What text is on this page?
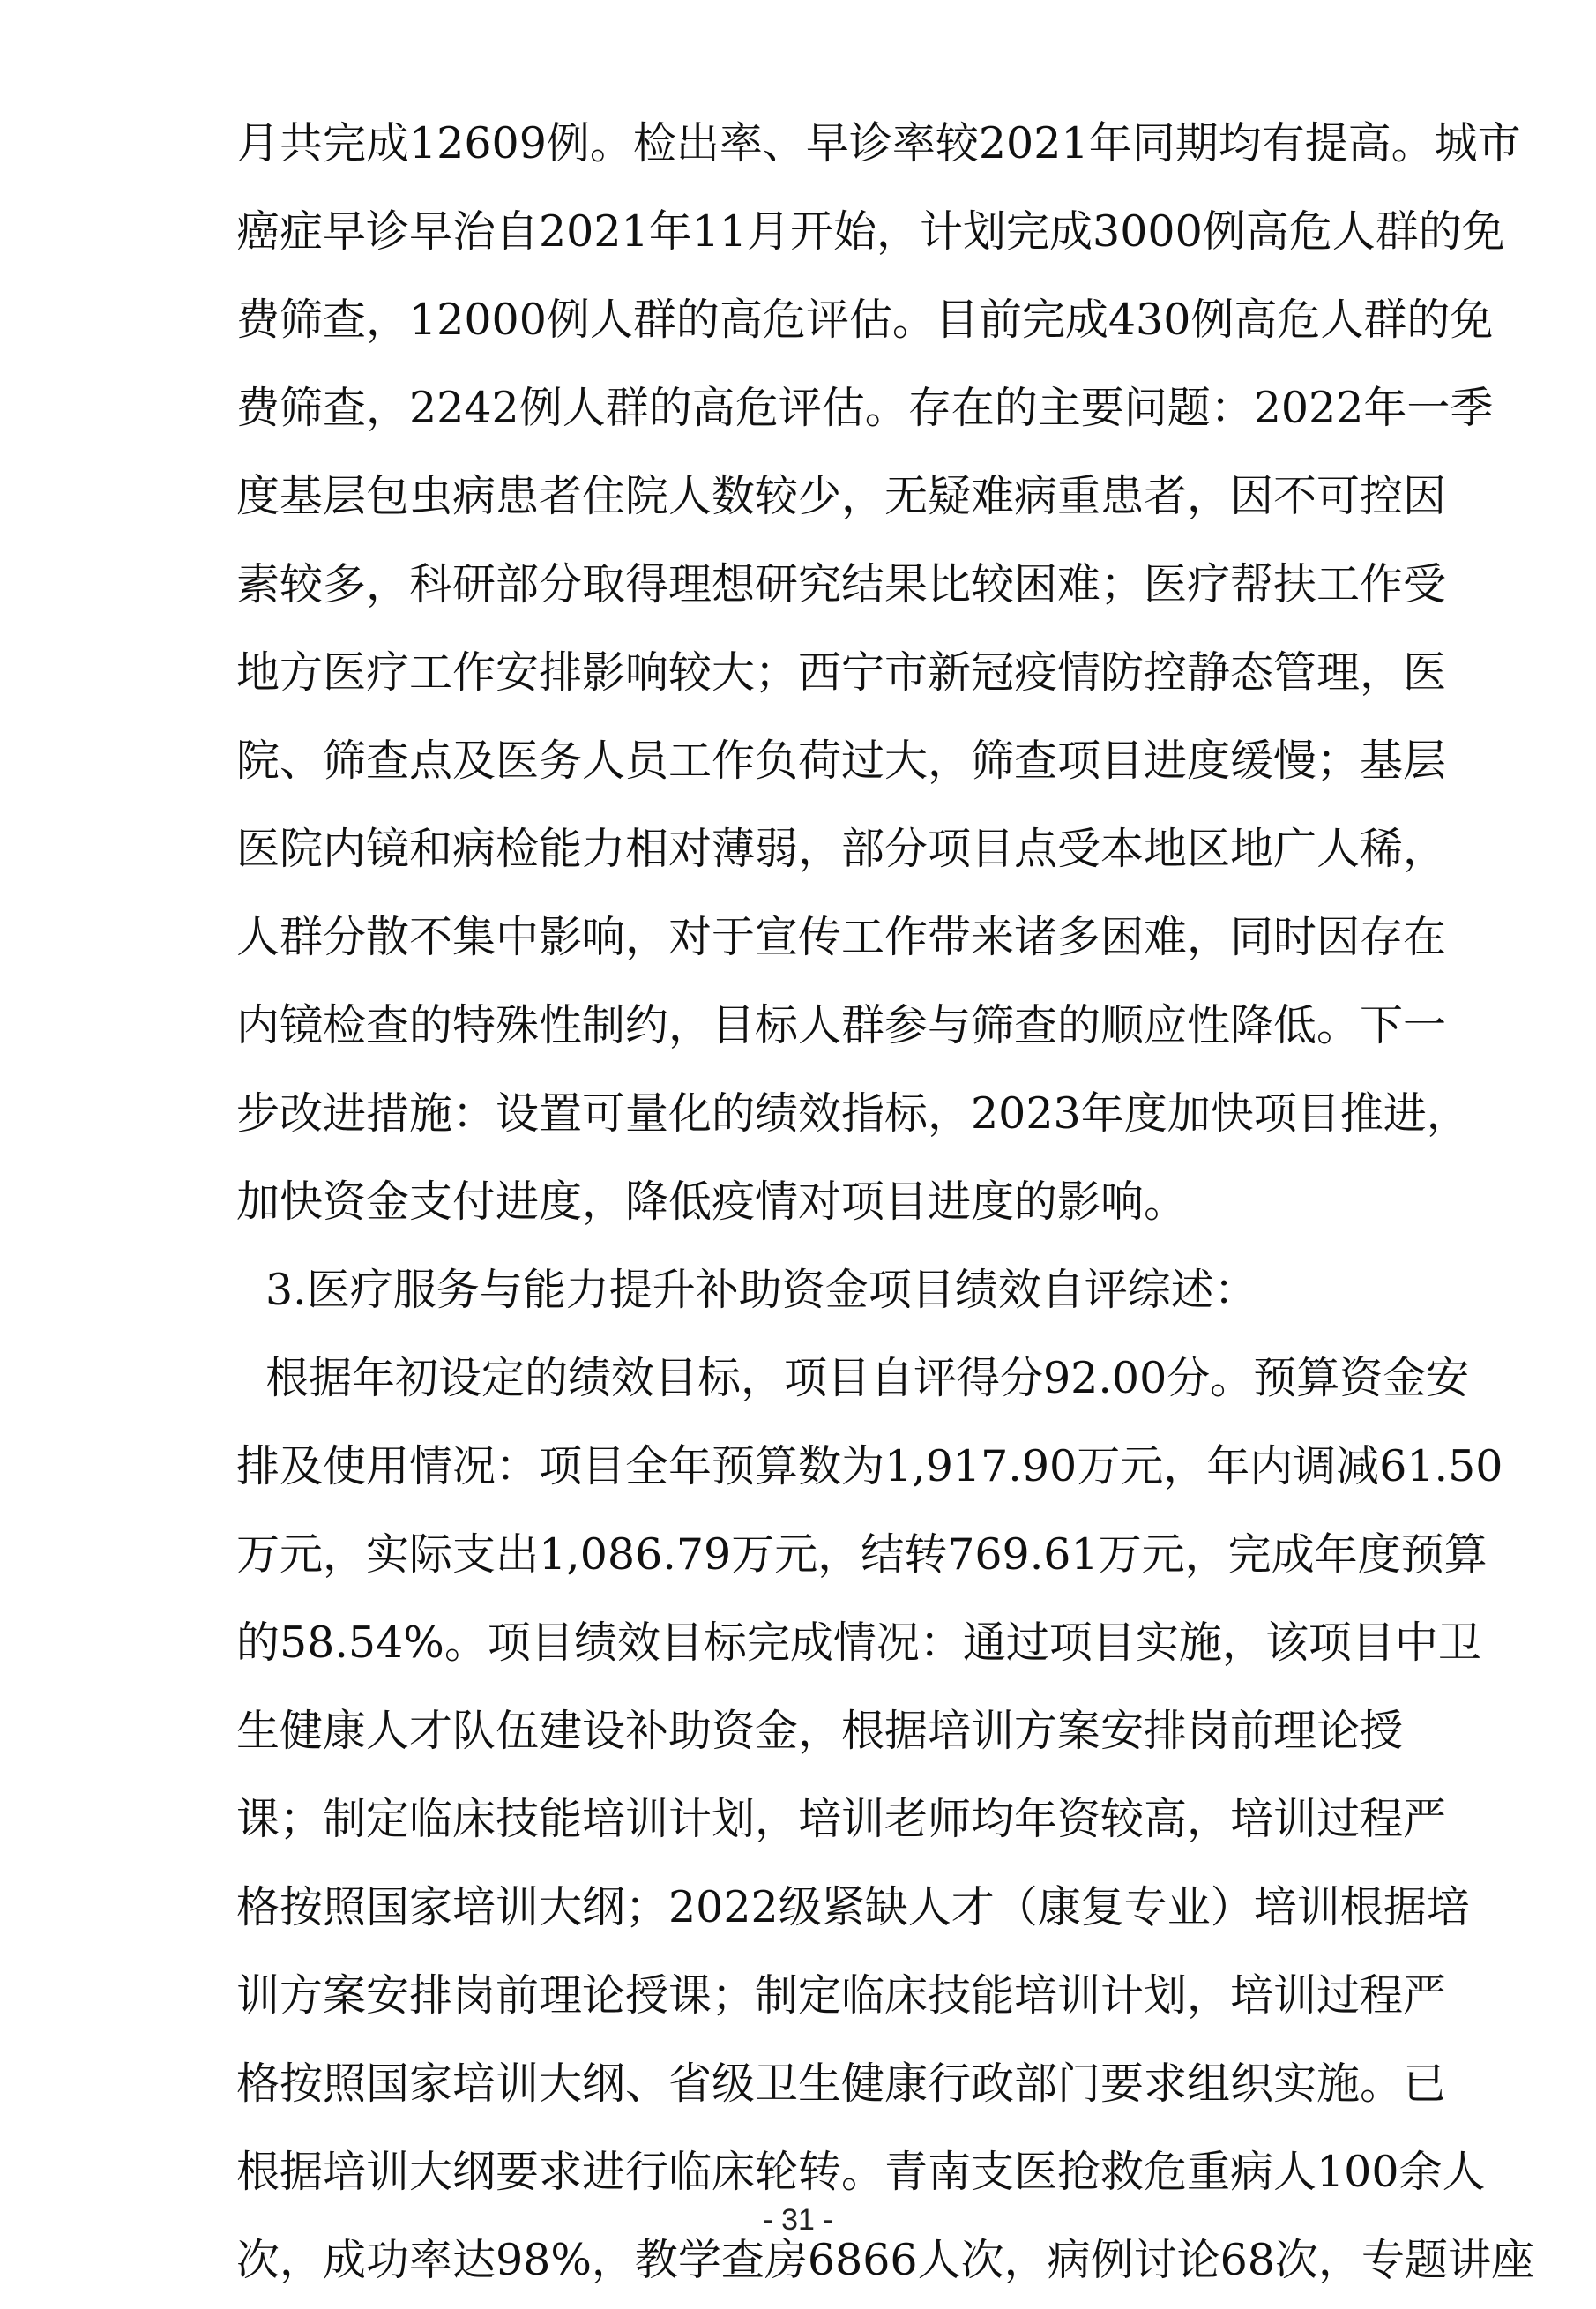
月共完成12609例。检出率、早诊率较2021年同期均有提高。城市
癌症早诊早治自2021年11月开始，计划完成3000例高危人群的免
费筛查，12000例人群的高危评估。目前完成430例高危人群的免
费筛查，2242例人群的高危评估。存在的主要问题：2022年一季
度基层包虫病患者住院人数较少，无疑难病重患者，因不可控因
素较多，科研部分取得理想研究结果比较困难；医疗帮扶工作受
地方医疗工作安排影响较大；西宁市新冠疫情防控静态管理，医
院、筛查点及医务人员工作负荷过大，筛查项目进度缓慢；基层
医院内镜和病检能力相对薄弱，部分项目点受本地区地广人稀，
人群分散不集中影响，对于宣传工作带来诸多困难，同时因存在
内镜检查的特殊性制约，目标人群参与筛查的顺应性降低。下一
步改进措施：设置可量化的绩效指标，2023年度加快项目推进，
加快资金支付进度，降低疫情对项目进度的影响。
3.医疗服务与能力提升补助资金项目绩效自评综述：
根据年初设定的绩效目标，项目自评得分92.00分。预算资金安
排及使用情况：项目全年预算数为1,917.90万元，年内调减61.50
万元，实际支出1,086.79万元，结转769.61万元，完成年度预算
的58.54%。项目绩效目标完成情况：通过项目实施，该项目中卫
生健康人才队伍建设补助资金，根据培训方案安排岗前理论授
课；制定临床技能培训计划，培训老师均年资较高，培训过程严
格按照国家培训大纲；2022级紧缺人才（康复专业）培训根据培
训方案安排岗前理论授课；制定临床技能培训计划，培训过程严
格按照国家培训大纲、省级卫生健康行政部门要求组织实施。已
根据培训大纲要求进行临床轮转。青南支医抢救危重病人100余人
次，成功率达98%，教学查房6866人次，病例讨论68次，专题讲座
- 31 -
